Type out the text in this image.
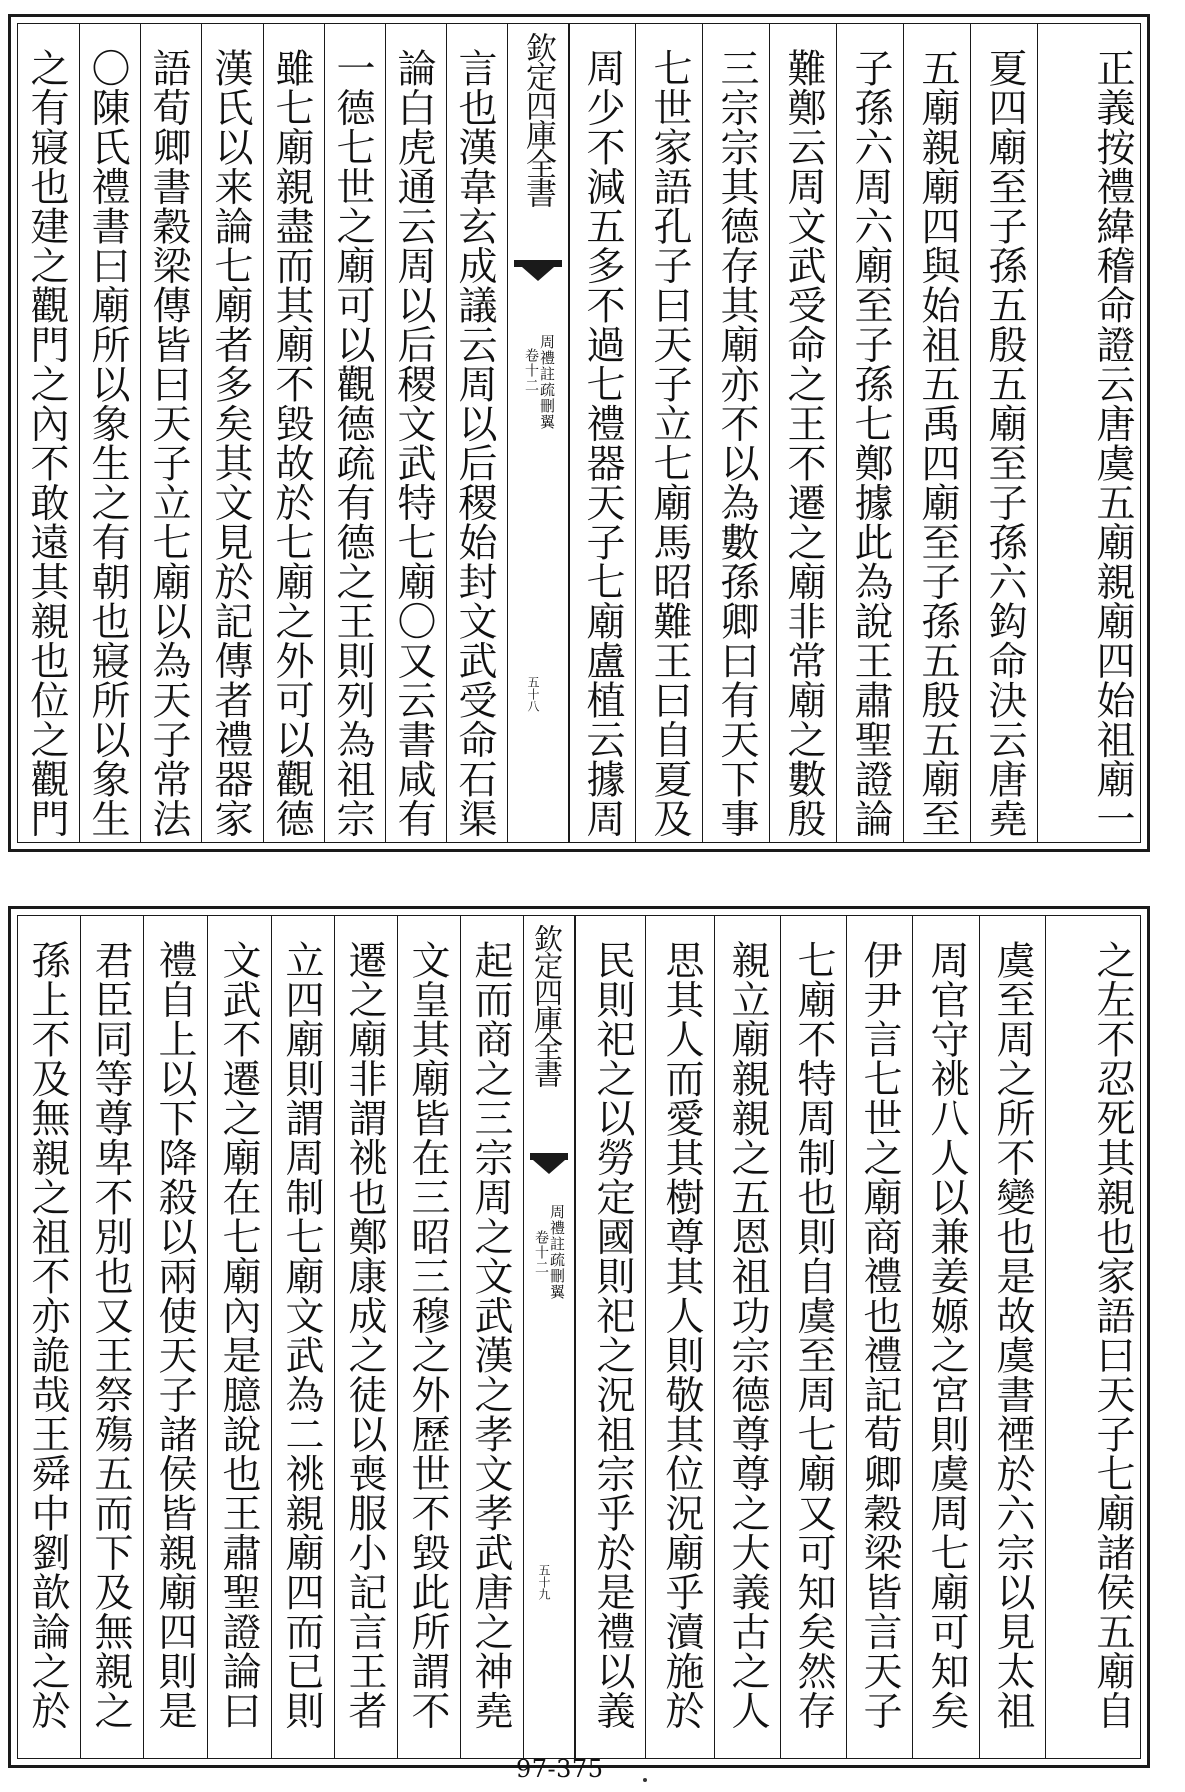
之有寢也建之觀門之內不敢遠其親也位之觀門 〇陳氏禮書曰廟所以象生之有朝也寢所以象生 語荀卿書穀梁傳皆曰天子立七廟以為天子常法 漢氏以来論七廟者多矣其文見於記傳者禮器家 雖七廟親盡而其廟不毀故於七廟之外可以觀德 一德七世之廟可以觀德疏有德之王則列為祖宗 論白虎通云周以后稷文武特七廟〇又云書咸有 言也漢韋玄成議云周以后稷始封文武受命石渠 欽定四庫全書
卷十二 周禮註疏刪翼
五十八 周少不減五多不過七禮器天子七廟盧植云據周 七世家語孔子曰天子立七廟馬昭難王曰自夏及 三宗宗其德存其廟亦不以為數孫卿曰有天下事 難鄭云周文武受命之王不遷之廟非常廟之數殷 子孫六周六廟至子孫七鄭據此為說王肅聖證論 五廟親廟四與始祖五禹四廟至子孫五殷五廟至 夏四廟至子孫五殷五廟至子孫六鈎命決云唐堯	正義按禮緯稽命證云唐虞五廟親廟四始祖廟一
孫上不及無親之祖不亦詭哉王舜中劉歆論之於 君臣同等尊卑不別也又王祭殤五而下及無親之 禮自上以下降殺以兩使天子諸侯皆親廟四則是 文武不遷之廟在七廟內是臆說也王肅聖證論曰 立四廟則謂周制七廟文武為二祧親廟四而已則 遷之廟非謂祧也鄭康成之徒以喪服小記言王者 文皇其廟皆在三昭三穆之外歷世不毀此所謂不 起而商之三宗周之文武漢之孝文孝武唐之神堯 欽定四庫全書
卷十二 周禮註疏刪翼
五十九	民則祀之以勞定國則祀之況祖宗乎於是禮以義 思其人而愛其樹尊其人則敬其位況廟乎瀆施於 親立廟親親之五恩祖功宗德尊尊之大義古之人 七廟不特周制也則自虞至周七廟又可知矣然存 伊尹言七世之廟商禮也禮記荀卿穀梁皆言天子 周官守祧八人以兼姜嫄之宮則虞周七廟可知矣 虞至周之所不變也是故虞書禋於六宗以見太祖	之左不忍死其親也家語曰天子七廟諸侯五廟自
97-375
